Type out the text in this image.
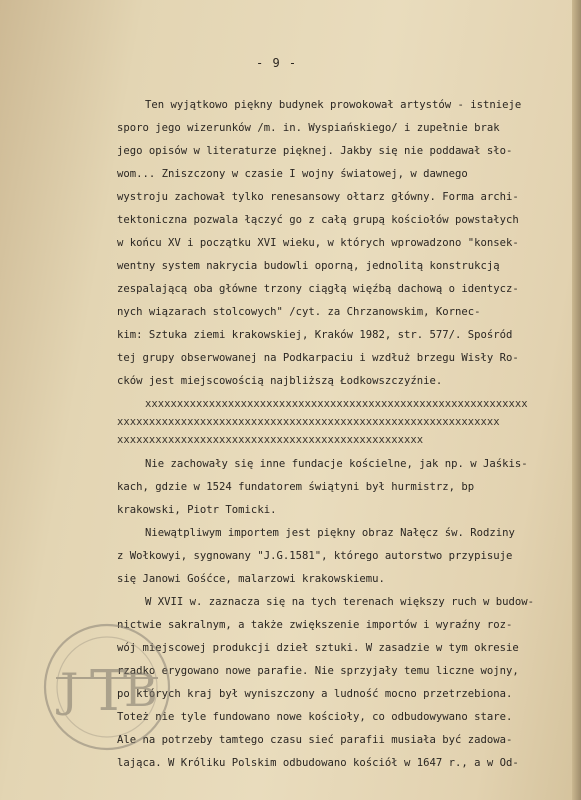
- 9 -
Ten wyjątkowo piękny budynek prowokował artystów - istnieje
sporo jego wizerunków /m. in. Wyspiańskiego/ i zupełnie brak
jego opisów w literaturze pięknej. Jakby się nie poddawał sło-
wom... Zniszczony w czasie I wojny światowej, w dawnego
wystroju zachował tylko renesansowy ołtarz główny. Forma archi-
tektoniczna pozwala łączyć go z całą grupą kościołów powstałych
w końcu XV i początku XVI wieku, w których wprowadzono "konsek-
wentny system nakrycia budowli oporną, jednolitą konstrukcją
zespalającą oba główne trzony ciągłą więźbą dachową o identycz-
nych wiązarach stolcowych" /cyt. za Chrzanowskim, Kornec-
kim: Sztuka ziemi krakowskiej, Kraków 1982, str. 577/. Spośród
tej grupy obserwowanej na Podkarpaciu i wzdłuż brzegu Wisły Ro-
cków jest miejscowością najbliższą Łodkowszczyźnie.
xxxxxxxxxxxxxxxxxxxxxxxxxxxxxxxxxxxxxxxxxxxxxxxxxxxxxxxxxxxx
xxxxxxxxxxxxxxxxxxxxxxxxxxxxxxxxxxxxxxxxxxxxxxxxxxxxxxxxxxxx
xxxxxxxxxxxxxxxxxxxxxxxxxxxxxxxxxxxxxxxxxxxxxxxx
Nie zachowały się inne fundacje kościelne, jak np. w Jaśkis-
kach, gdzie w 1524 fundatorem świątyni był hurmistrz, bp
krakowski, Piotr Tomicki.
Niewątpliwym importem jest piękny obraz Nałęcz św. Rodziny
z Wołkowyi, sygnowany "J.G.1581", którego autorstwo przypisuje
się Janowi Gośćce, malarzowi krakowskiemu.
W XVII w. zaznacza się na tych terenach większy ruch w budow-
nictwie sakralnym, a także zwiększenie importów i wyraźny roz-
wój miejscowej produkcji dzieł sztuki. W zasadzie w tym okresie
rzadko erygowano nowe parafie. Nie sprzyjały temu liczne wojny,
po których kraj był wyniszczony a ludność mocno przetrzebiona.
Toteż nie tyle fundowano nowe kościoły, co odbudowywano stare.
Ale na potrzeby tamtego czasu sieć parafii musiała być zadowa-
lająca. W Króliku Polskim odbudowano kościół w 1647 r., a w Od-
J T
B
